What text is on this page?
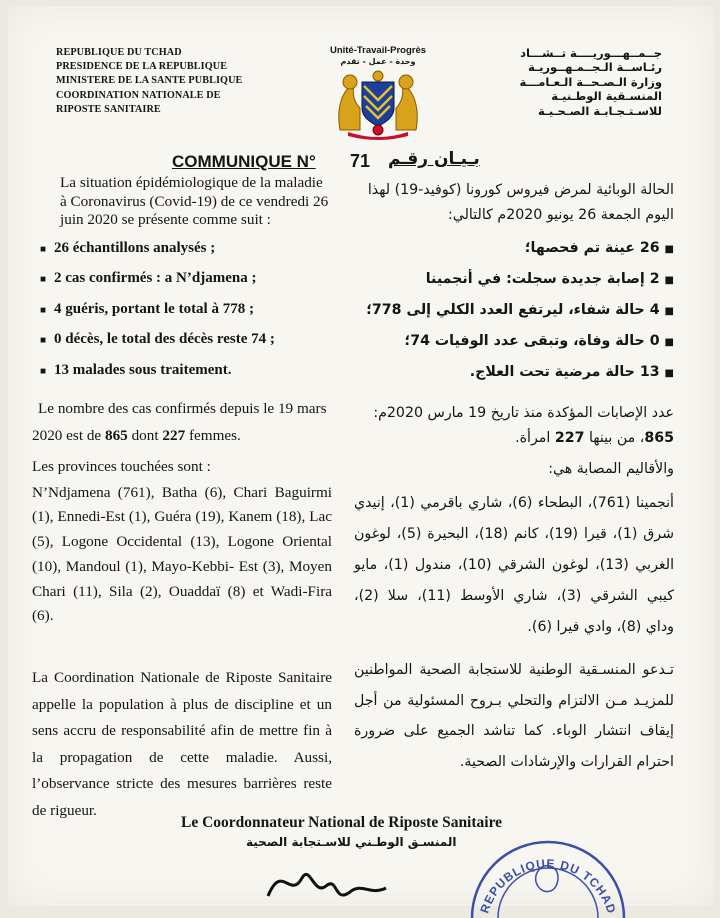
REPUBLIQUE DU TCHAD
PRESIDENCE DE LA REPUBLIQUE
MINISTERE DE LA SANTE PUBLIQUE
COORDINATION NATIONALE DE
RIPOSTE SANITAIRE
Unité-Travail-Progrès
وحدة - عمل - تقدم
جــمــهـــوريــــة تــشـــاد
رئـاســة الـجــمـهــوريـة
وزارة الـصـحــة الـعـامـــة
المنسـقية الوطـنيـة
للاسـتـجـابـة الصـحـيـة
COMMUNIQUE N° 71 بـيـان رقـم
La situation épidémiologique de la maladie à Coronavirus (Covid-19) de ce vendredi 26 juin 2020 se présente comme suit :
■ 26 échantillons analysés ;
■ 2 cas confirmés : a N’djamena ;
■ 4 guéris, portant le total à 778 ;
■ 0 décès, le total des décès reste 74 ;
■ 13 malades sous traitement.
Le nombre des cas confirmés depuis le 19 mars 2020 est de 865 dont 227 femmes.
Les provinces touchées sont :
N’Ndjamena (761), Batha (6), Chari Baguirmi (1), Ennedi-Est (1), Guéra (19), Kanem (18), Lac (5), Logone Occidental (13), Logone Oriental (10), Mandoul (1), Mayo-Kebbi- Est (3), Moyen Chari (11), Sila (2), Ouaddaï (8) et Wadi-Fira (6).
La Coordination Nationale de Riposte Sanitaire appelle la population à plus de discipline et un sens accru de responsabilité afin de mettre fin à la propagation de cette maladie. Aussi, l’observance stricte des mesures barrières reste de rigueur.
الحالة الوبائية لمرض فيروس كورونا (كوفيد-19) لهذا اليوم الجمعة 26 يونيو 2020م كالتالي:
■ 26 عينة تم فحصها؛
■ 2 إصابة جديدة سجلت: في أنجمينا
■ 4 حالة شفاء، لیرتفع العدد الكلي إلى 778؛
■ 0 حالة وفاة، وتبقى عدد الوفيات 74؛
■ 13 حالة مرضية تحت العلاج.
عدد الإصابات المؤكدة منذ تاريخ 19 مارس 2020م: 865، من بينها 227 امرأة.
والأقاليم المصابة هي:
أنجمينا (761)، البطحاء (6)، شاري باقرمي (1)، إنيدي شرق (1)، قيرا (19)، كانم (18)، البحيرة (5)، لوغون الغربي (13)، لوغون الشرقي (10)، مندول (1)، مايو كيبي الشرقي (3)، شاري الأوسط (11)، سلا (2)، وداي (8)، وادي فيرا (6).
تـدعو المنسـقية الوطنية للاستجابة الصحية المواطنين للمزيـد مـن الالتزام والتحلي بـروح المسئولية من أجل إيقاف انتشار الوباء. كما تناشد الجميع على ضرورة احترام القرارات والإرشادات الصحية.
Le Coordonnateur National de Riposte Sanitaire
المنسـق الوطـني للاسـتجابة الصحية
REPUBLIQUE DU TCHAD
